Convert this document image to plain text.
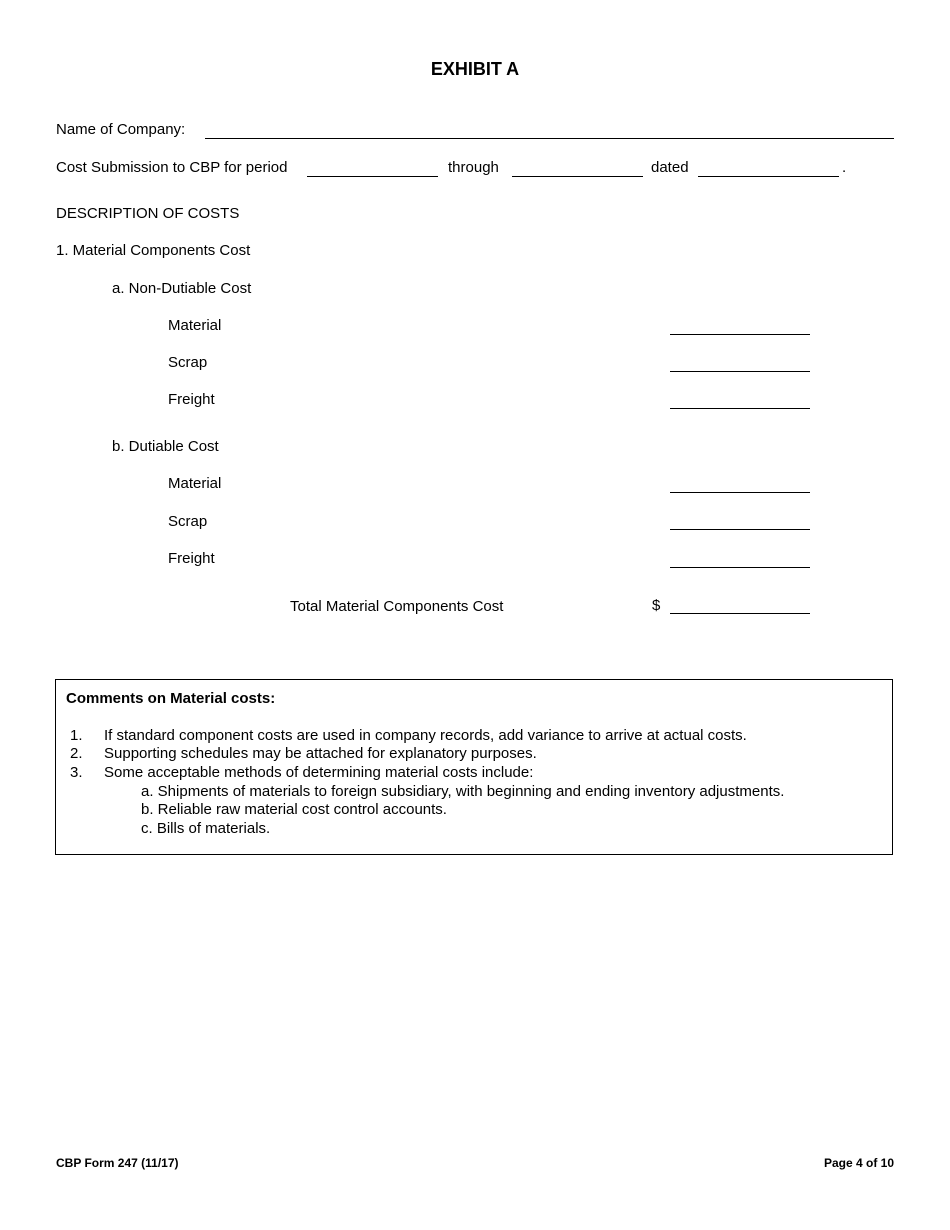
EXHIBIT A
Name of Company:
Cost Submission to CBP for period	through	dated	.
DESCRIPTION OF COSTS
1. Material Components Cost
a. Non-Dutiable Cost
Material
Scrap
Freight
b. Dutiable Cost
Material
Scrap
Freight
Total Material Components Cost	$
Comments on Material costs:
1. If standard component costs are used in company records, add variance to arrive at actual costs.
2. Supporting schedules may be attached for explanatory purposes.
3. Some acceptable methods of determining material costs include:
a. Shipments of materials to foreign subsidiary, with beginning and ending inventory adjustments.
b. Reliable raw material cost control accounts.
c. Bills of materials.
CBP Form 247 (11/17)	Page 4 of 10
